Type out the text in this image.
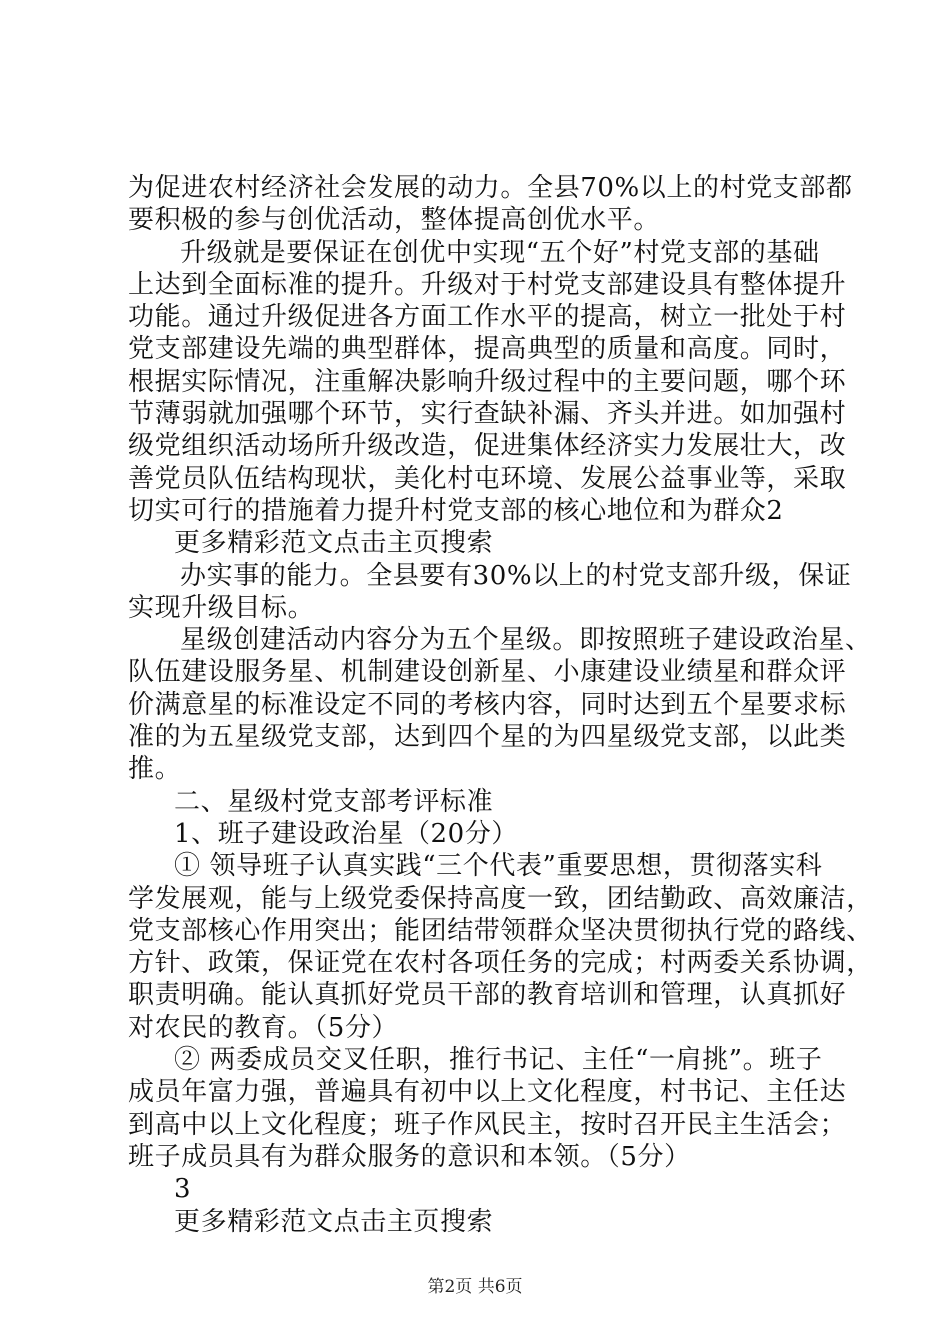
为促进农村经济社会发展的动力。全县70%以上的村党支部都
要积极的参与创优活动，整体提高创优水平。
升级就是要保证在创优中实现“五个好”村党支部的基础
上达到全面标准的提升。升级对于村党支部建设具有整体提升
功能。通过升级促进各方面工作水平的提高，树立一批处于村
党支部建设先端的典型群体，提高典型的质量和高度。同时，
根据实际情况，注重解决影响升级过程中的主要问题，哪个环
节薄弱就加强哪个环节，实行查缺补漏、齐头并进。如加强村
级党组织活动场所升级改造，促进集体经济实力发展壮大，改
善党员队伍结构现状，美化村屯环境、发展公益事业等，采取
切实可行的措施着力提升村党支部的核心地位和为群众2
更多精彩范文点击主页搜索
办实事的能力。全县要有30%以上的村党支部升级，保证
实现升级目标。
星级创建活动内容分为五个星级。即按照班子建设政治星、
队伍建设服务星、机制建设创新星、小康建设业绩星和群众评
价满意星的标准设定不同的考核内容，同时达到五个星要求标
准的为五星级党支部，达到四个星的为四星级党支部，以此类
推。
二、星级村党支部考评标准
1、班子建设政治星（20分）
① 领导班子认真实践“三个代表”重要思想，贯彻落实科
学发展观，能与上级党委保持高度一致，团结勤政、高效廉洁，
党支部核心作用突出；能团结带领群众坚决贯彻执行党的路线、
方针、政策，保证党在农村各项任务的完成；村两委关系协调，
职责明确。能认真抓好党员干部的教育培训和管理，认真抓好
对农民的教育。（5分）
② 两委成员交叉任职，推行书记、主任“一肩挑”。班子
成员年富力强，普遍具有初中以上文化程度，村书记、主任达
到高中以上文化程度；班子作风民主，按时召开民主生活会；
班子成员具有为群众服务的意识和本领。（5分）
3
更多精彩范文点击主页搜索
第2页 共6页
